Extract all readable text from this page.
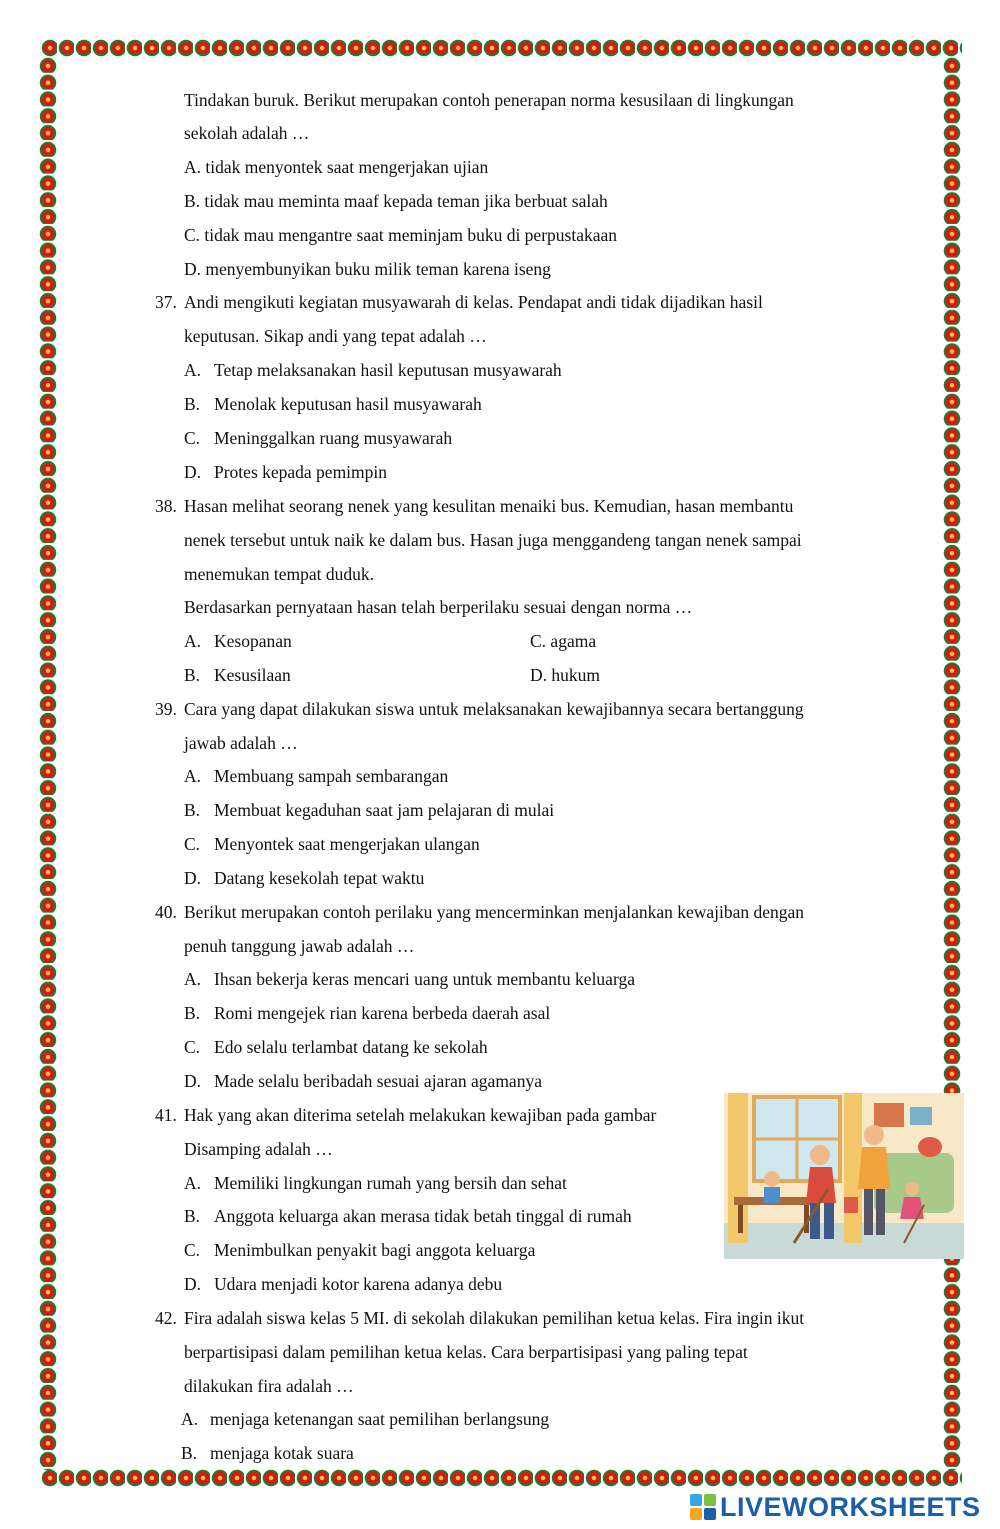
Tindakan buruk. Berikut merupakan contoh penerapan norma kesusilaan di lingkungan
sekolah adalah …
A. tidak menyontek saat mengerjakan ujian
B. tidak mau meminta maaf kepada teman jika berbuat salah
C. tidak mau mengantre saat meminjam buku di perpustakaan
D. menyembunyikan buku milik teman karena iseng
37. Andi mengikuti kegiatan musyawarah di kelas. Pendapat andi tidak dijadikan hasil
keputusan. Sikap andi yang tepat adalah …
A. Tetap melaksanakan hasil keputusan musyawarah
B. Menolak keputusan hasil musyawarah
C. Meninggalkan ruang musyawarah
D. Protes kepada pemimpin
38. Hasan melihat seorang nenek yang kesulitan menaiki bus. Kemudian, hasan membantu
nenek tersebut untuk naik ke dalam bus. Hasan juga menggandeng tangan nenek sampai
menemukan tempat duduk.
Berdasarkan pernyataan hasan telah berperilaku sesuai dengan norma …
A. Kesopanan	C. agama
B. Kesusilaan	D. hukum
39. Cara yang dapat dilakukan siswa untuk melaksanakan kewajibannya secara bertanggung
jawab adalah …
A. Membuang sampah sembarangan
B. Membuat kegaduhan saat jam pelajaran di mulai
C. Menyontek saat mengerjakan ulangan
D. Datang kesekolah tepat waktu
40. Berikut merupakan contoh perilaku yang mencerminkan menjalankan kewajiban dengan
penuh tanggung jawab adalah …
A. Ihsan bekerja keras mencari uang untuk membantu keluarga
B. Romi mengejek rian karena berbeda daerah asal
C. Edo selalu terlambat datang ke sekolah
D. Made selalu beribadah sesuai ajaran agamanya
41. Hak yang akan diterima setelah melakukan kewajiban pada gambar
Disamping adalah …
A. Memiliki lingkungan rumah yang bersih dan sehat
B. Anggota keluarga akan merasa tidak betah tinggal di rumah
C. Menimbulkan penyakit bagi anggota keluarga
D. Udara menjadi kotor karena adanya debu
42. Fira adalah siswa kelas 5 MI. di sekolah dilakukan pemilihan ketua kelas. Fira ingin ikut
berpartisipasi dalam pemilihan ketua kelas. Cara berpartisipasi yang paling tepat
dilakukan fira adalah …
A. menjaga ketenangan saat pemilihan berlangsung
B. menjaga kotak suara
LIVEWORKSHEETS
